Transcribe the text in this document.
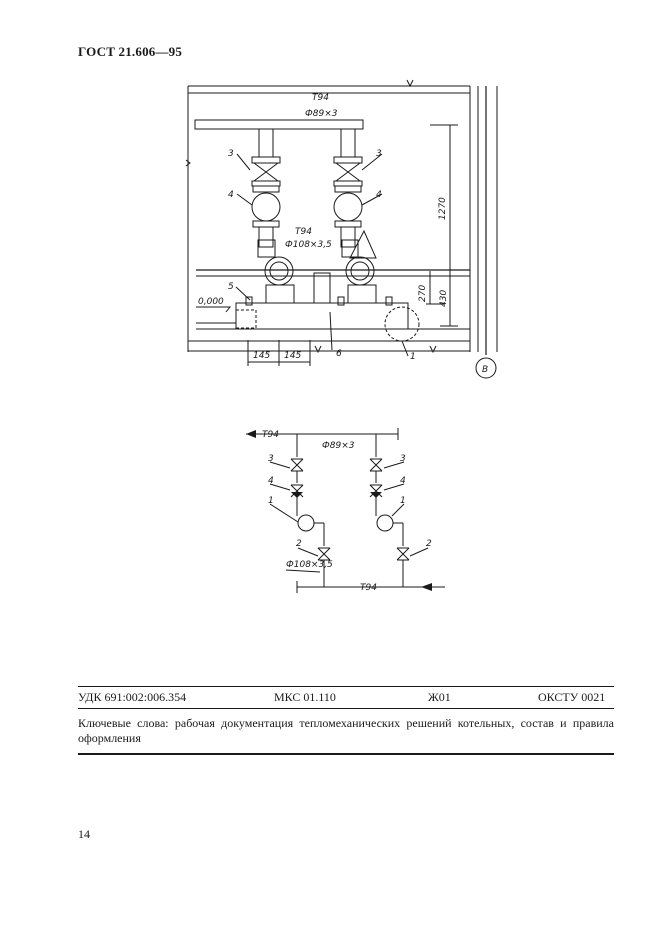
ГОСТ 21.606—95
Т94
Ф89×3
Т94
Ф108×3,5
3	3
4	4
5
6	1
0,000
1270
270 430
145 145
В
Т94
Ф89×3
Ф108×3,5
Т94
3
4
1
2
3
4
1
2
УДК 691:002:006.354	МКС 01.110	Ж01	ОКСТУ 0021
Ключевые слова: рабочая документация тепломеханических решений котельных, состав и правила оформления
14
